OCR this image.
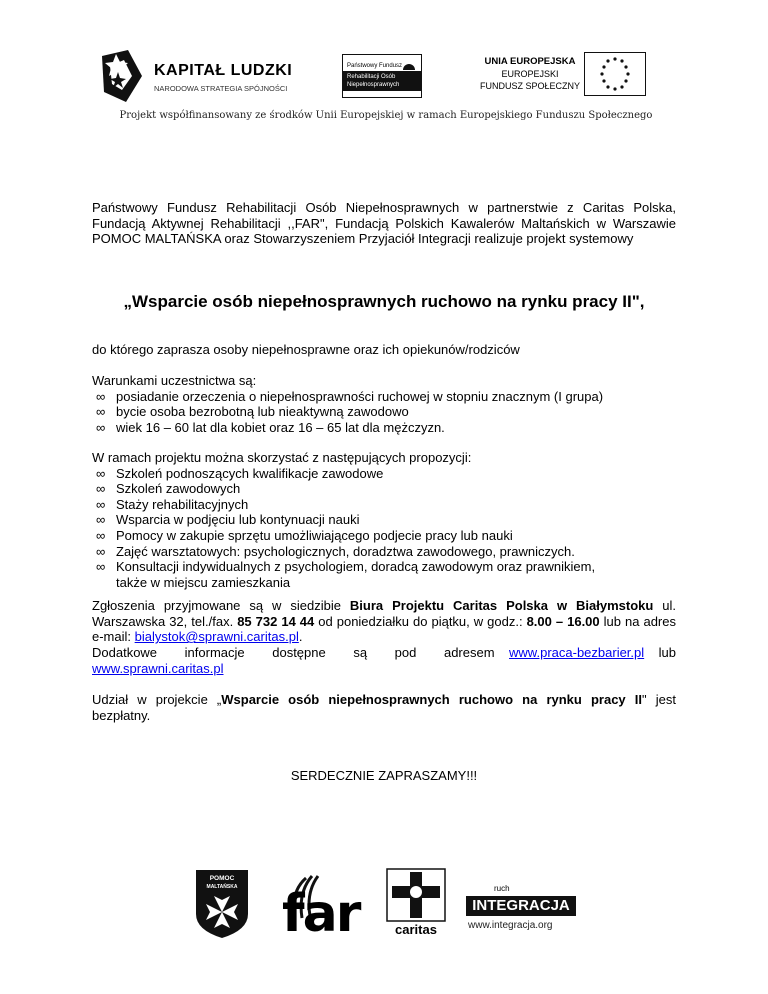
KAPITAŁ LUDZKI
NARODOWA STRATEGIA SPÓJNOŚCI
Państwowy Fundusz
Rehabilitacji Osób
Niepełnosprawnych
UNIA EUROPEJSKA
EUROPEJSKI
FUNDUSZ SPOŁECZNY
Projekt współfinansowany ze środków Unii Europejskiej w ramach Europejskiego Funduszu Społecznego
Państwowy Fundusz Rehabilitacji Osób Niepełnosprawnych w partnerstwie z Caritas Polska, Fundacją Aktywnej Rehabilitacji ,,FAR", Fundacją Polskich Kawalerów Maltańskich w Warszawie POMOC MALTAŃSKA oraz Stowarzyszeniem Przyjaciół Integracji realizuje projekt systemowy
„Wsparcie osób niepełnosprawnych ruchowo na rynku pracy II",
do którego zaprasza osoby niepełnosprawne oraz ich opiekunów/rodziców
Warunkami uczestnictwa są:
∞ posiadanie orzeczenia o niepełnosprawności ruchowej w stopniu znacznym (I grupa)
∞ bycie osoba bezrobotną lub nieaktywną zawodowo
∞ wiek 16 – 60 lat dla kobiet oraz 16 – 65 lat dla mężczyzn.
W ramach projektu można skorzystać z następujących propozycji:
∞ Szkoleń podnoszących kwalifikacje zawodowe
∞ Szkoleń zawodowych
∞ Staży rehabilitacyjnych
∞ Wsparcia w podjęciu lub kontynuacji nauki
∞ Pomocy w zakupie sprzętu umożliwiającego podjecie pracy lub nauki
∞ Zajęć warsztatowych: psychologicznych, doradztwa zawodowego, prawniczych.
∞ Konsultacji indywidualnych z psychologiem, doradcą zawodowym oraz prawnikiem, także w miejscu zamieszkania
Zgłoszenia przyjmowane są w siedzibie Biura Projektu Caritas Polska w Białymstoku ul. Warszawska 32, tel./fax. 85 732 14 44 od poniedziałku do piątku, w godz.: 8.00 – 16.00 lub na adres e-mail: bialystok@sprawni.caritas.pl.
Dodatkowe informacje dostępne są pod adresem www.praca-bezbarier.pl lub
www.sprawni.caritas.pl
Udział w projekcie „Wsparcie osób niepełnosprawnych ruchowo na rynku pracy II" jest bezpłatny.
SERDECZNIE ZAPRASZAMY!!!
POMOC
MALTAŃSKA far	caritas
ruch
INTEGRACJA
www.integracja.org
